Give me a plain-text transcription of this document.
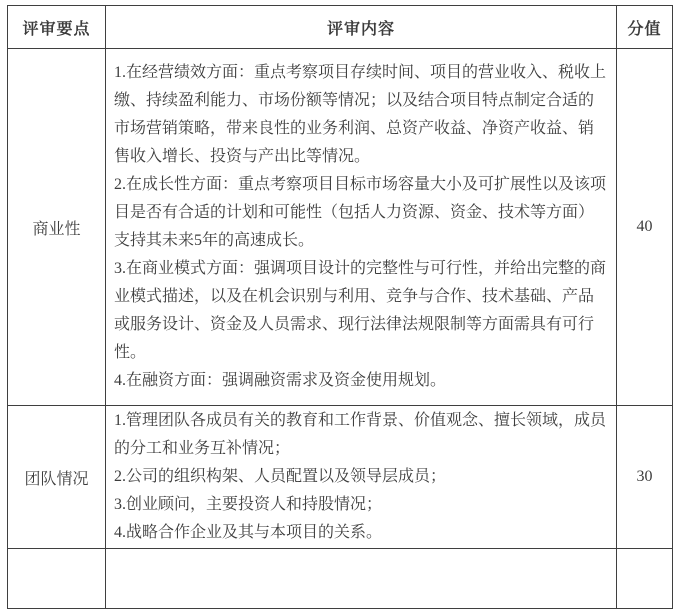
评审要点	评审内容	分值
商业性	1.在经营绩效方面：重点考察项目存续时间、项目的营业收入、税收上缴、持续盈利能力、市场份额等情况；以及结合项目特点制定合适的市场营销策略，带来良性的业务利润、总资产收益、净资产收益、销售收入增长、投资与产出比等情况。

2.在成长性方面：重点考察项目目标市场容量大小及可扩展性以及该项目是否有合适的计划和可能性（包括人力资源、资金、技术等方面）支持其未来5年的高速成长。

3.在商业模式方面：强调项目设计的完整性与可行性，并给出完整的商业模式描述，以及在机会识别与利用、竞争与合作、技术基础、产品或服务设计、资金及人员需求、现行法律法规限制等方面需具有可行性。

4.在融资方面：强调融资需求及资金使用规划。	40
团队情况	1.管理团队各成员有关的教育和工作背景、价值观念、擅长领域，成员的分工和业务互补情况；

2.公司的组织构架、人员配置以及领导层成员；

3.创业顾问，主要投资人和持股情况；

4.战略合作企业及其与本项目的关系。	30
